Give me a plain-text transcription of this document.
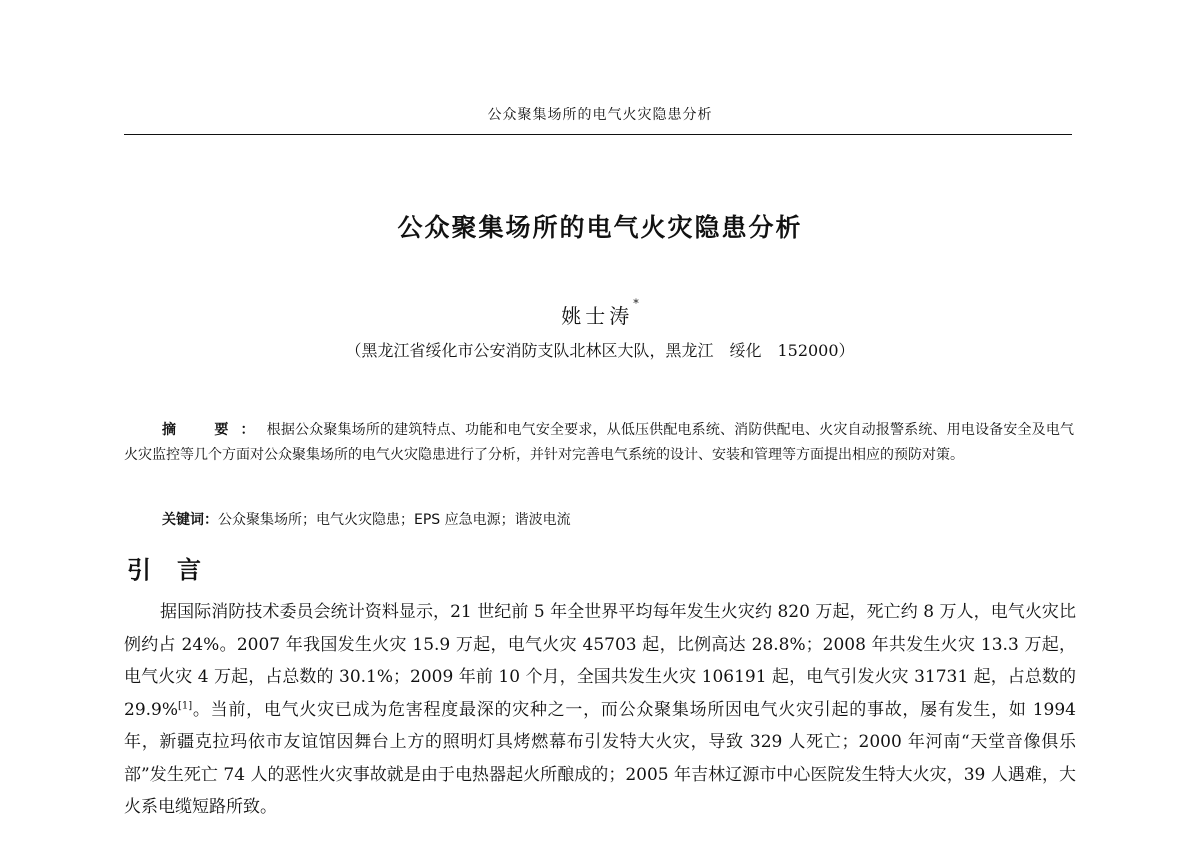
公众聚集场所的电气火灾隐患分析
公众聚集场所的电气火灾隐患分析
姚士涛*
（黑龙江省绥化市公安消防支队北林区大队，黑龙江　绥化　152000）

摘　要：根据公众聚集场所的建筑特点、功能和电气安全要求，从低压供配电系统、消防供配电、火灾自动报警系统、用电设备安全及电气火灾监控等几个方面对公众聚集场所的电气火灾隐患进行了分析，并针对完善电气系统的设计、安装和管理等方面提出相应的预防对策。

关键词：公众聚集场所；电气火灾隐患；EPS 应急电源；谐波电流

引言

据国际消防技术委员会统计资料显示，21 世纪前 5 年全世界平均每年发生火灾约 820 万起，死亡约 8 万人，电气火灾比例约占 24%。2007 年我国发生火灾 15.9 万起，电气火灾 45703 起，比例高达 28.8%；2008 年共发生火灾 13.3 万起，电气火灾 4 万起，占总数的 30.1%；2009 年前 10 个月，全国共发生火灾 106191 起，电气引发火灾 31731 起，占总数的 29.9%[1]。当前，电气火灾已成为危害程度最深的灾种之一，而公众聚集场所因电气火灾引起的事故，屡有发生，如 1994 年，新疆克拉玛依市友谊馆因舞台上方的照明灯具烤燃幕布引发特大火灾，导致 329 人死亡；2000 年河南“天堂音像俱乐部”发生死亡 74 人的恶性火灾事故就是由于电热器起火所酿成的；2005 年吉林辽源市中心医院发生特大火灾，39 人遇难，大火系电缆短路所致。
